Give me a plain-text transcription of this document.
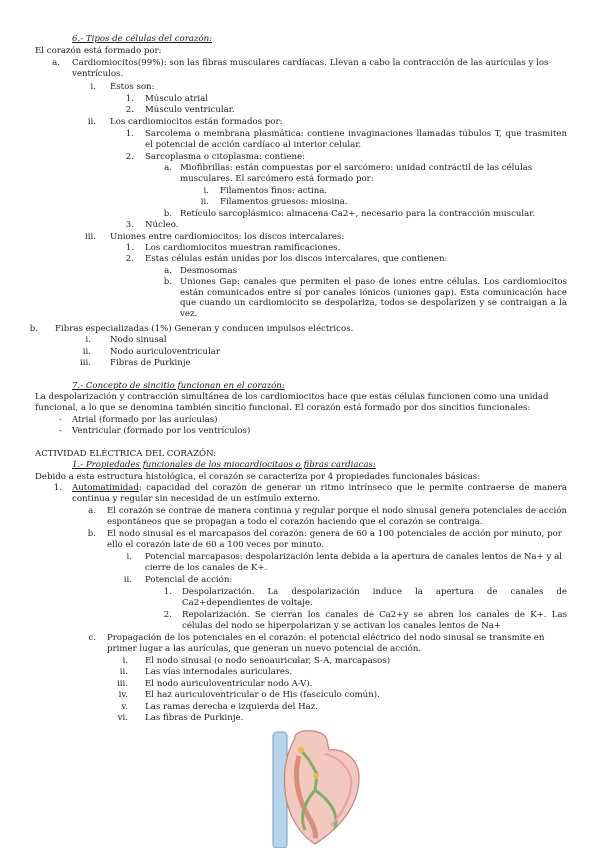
6.- Tipos de células del corazón:
El corazón está formado por:
a. Cardiomiocitos(99%): son las fibras musculares cardíacas. Llevan a cabo la contracción de las aurículas y los ventrículos.
i. Estos son:
1. Músculo atrial
2. Músculo ventricular.
ii. Los cardiomiocitos están formados por:
1. Sarcolema o membrana plasmática: contiene invaginaciones llamadas túbulos T, que trasmiten el potencial de acción cardíaco al interior celular.
2. Sarcoplasma o citoplasma: contiene:
a. Miofibrillas: están compuestas por el sarcómero: unidad contráctil de las células musculares. El sarcómero está formado por:
i. Filamentos finos: actina.
ii. Filamentos gruesos: miosina.
b. Retículo sarcoplásmico: almacena Ca2+, necesario para la contracción muscular.
3. Núcleo.
iii. Uniones entre cardiomiocitos: los discos intercalares:
1. Los cardiomiocitos muestran ramificaciones.
2. Estas células están unidas por los discos intercalares, que contienen:
a. Desmosomas
b. Uniones Gap: canales que permiten el paso de iones entre células. Los cardiomiocitos están comunicados entre sí por canales iónicos (uniones gap). Esta comunicación hace que cuando un cardiomiocito se despolariza, todos se despolarizen y se contraigan a la vez.
b. Fibras especializadas (1%) Generan y conducen impulsos eléctricos.
i. Nodo sinusal
ii. Nodo auriculoventricular
iii. Fibras de Purkinje
7.- Concepto de sincitio funcionan en el corazón:
La despolarización y contracción simultánea de los cardiomiocitos hace que estas células funcionen como una unidad funcional, a lo que se denomina también sincitio funcional. El corazón está formado por dos sincitios funcionales:
- Atrial (formado por las aurículas)
- Ventricular (formado por los ventrículos)
ACTIVIDAD ELÉCTRICA DEL CORAZÓN:
1.- Propiedades funcionales de los miocardiocitaos o fibras cardiacas:
Debido a esta estructura histológica, el corazón se caracteriza por 4 propiedades funcionales básicas:
1. Automatimidad: capacidad del corazón de generar un ritmo intrínseco que le permite contraerse de manera continua y regular sin necesidad de un estímulo externo.
a. El corazón se contrae de manera continua y regular porque el nodo sinusal genera potenciales de acción espontáneos que se propagan a todo el corazón haciendo que el corazón se contraiga.
b. El nodo sinusal es el marcapasos del corazón: genera de 60 a 100 potenciales de acción por minuto, por ello el corazón late de 60 a 100 veces por minuto.
i. Potencial marcapasos: despolarización lenta debida a la apertura de canales lentos de Na+ y al cierre de los canales de K+.
ii. Potencial de acción:
1. Despolarización. La despolarización induce la apertura de canales de Ca2+dependientes de voltaje.
2. Repolarización. Se cierran los canales de Ca2+y se abren los canales de K+. Las células del nodo se hiperpolarizan y se activan los canales lentos de Na+
c. Propagación de los potenciales en el corazón: el potencial eléctrico del nodo sinusal se transmite en primer lugar a las aurículas, que generan un nuevo potencial de acción.
i. El nodo sinusal (o nodo senoauricular, S-A, marcapasos)
ii. Las vías internodales auriculares.
iii. El nodo auriculoventricular nodo A-V).
iv. El haz auriculoventricular o de His (fascículo común).
v. Las ramas derecha e izquierda del Haz.
vi. Las fibras de Purkinje.
